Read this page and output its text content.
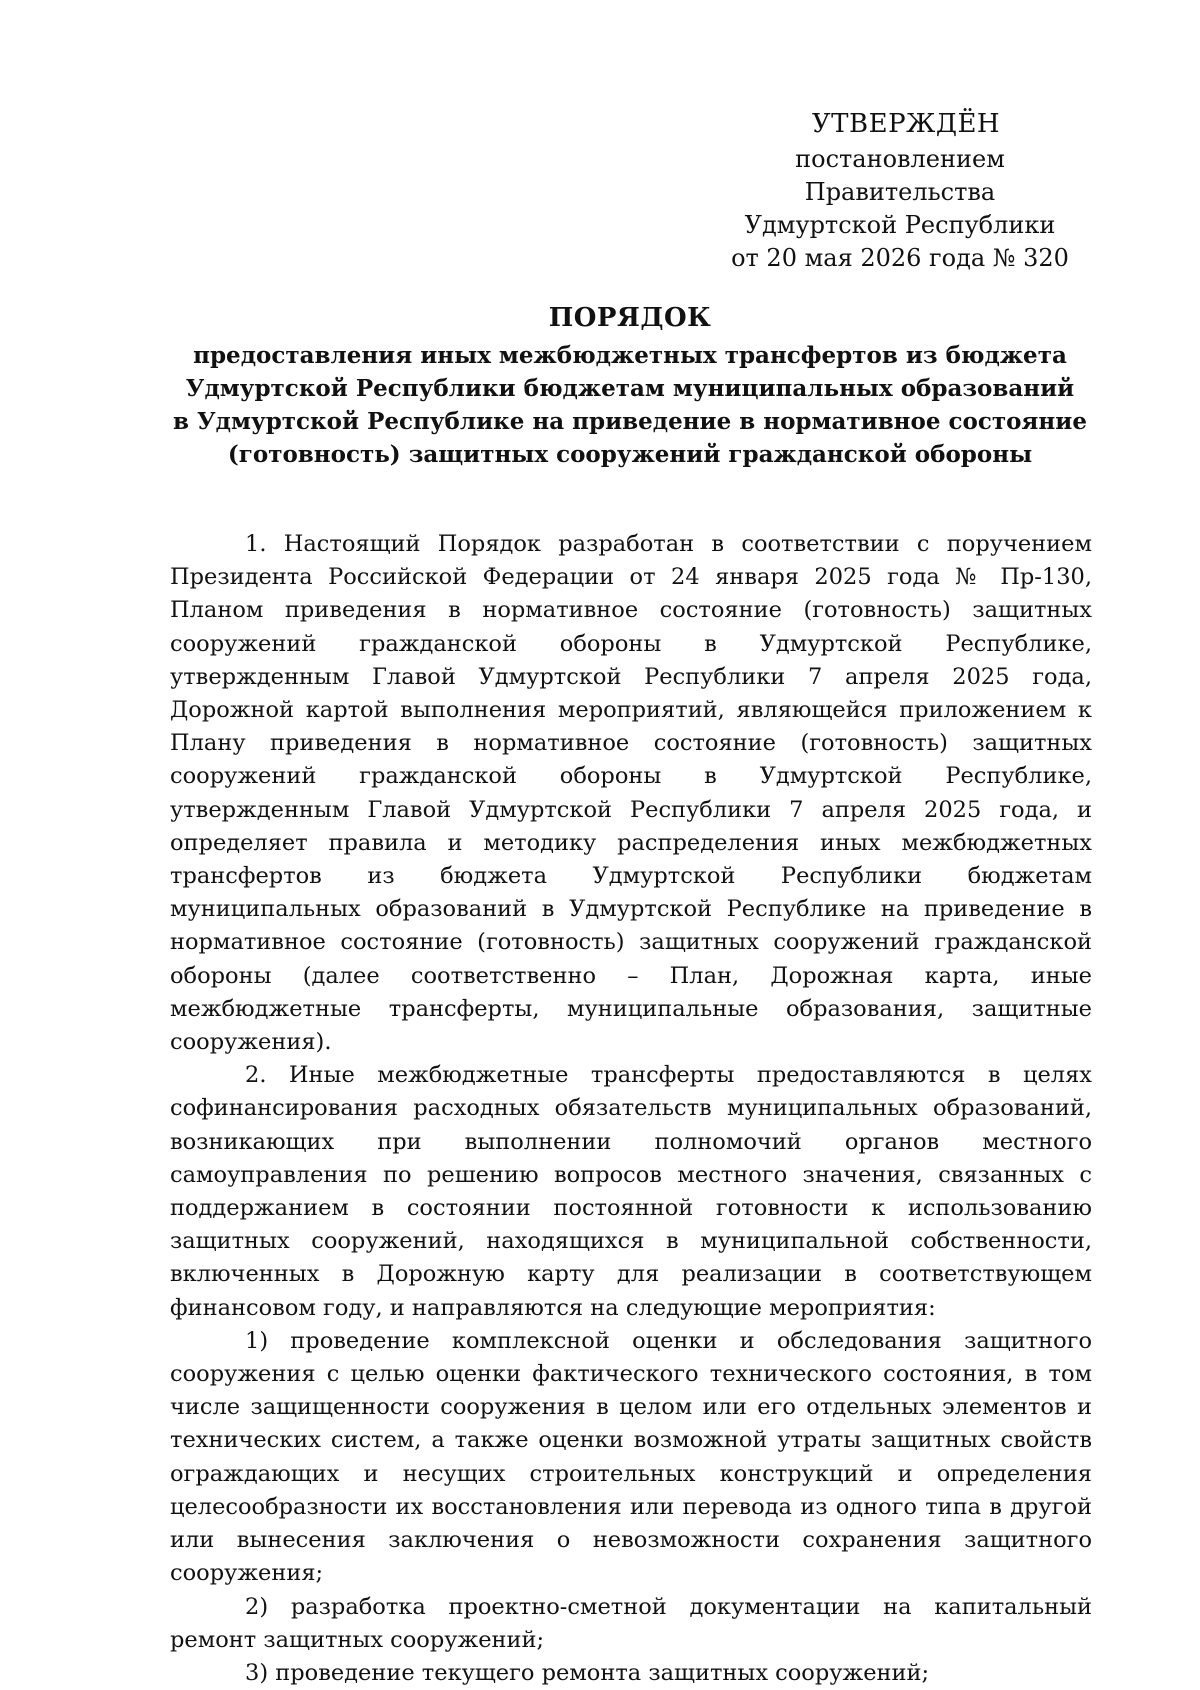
УТВЕРЖДЁН
постановлением Правительства
Удмуртской Республики
от 20 мая 2026 года № 320
ПОРЯДОК
предоставления иных межбюджетных трансфертов из бюджета
Удмуртской Республики бюджетам муниципальных образований
в Удмуртской Республике на приведение в нормативное состояние
(готовность) защитных сооружений гражданской обороны

1. Настоящий Порядок разработан в соответствии с поручением Президента Российской Федерации от 24 января 2025 года № Пр-130, Планом приведения в нормативное состояние (готовность) защитных сооружений гражданской обороны в Удмуртской Республике, утвержденным Главой Удмуртской Республики 7 апреля 2025 года, Дорожной картой выполнения мероприятий, являющейся приложением к Плану приведения в нормативное состояние (готовность) защитных сооружений гражданской обороны в Удмуртской Республике, утвержденным Главой Удмуртской Республики 7 апреля 2025 года, и определяет правила и методику распределения иных межбюджетных трансфертов из бюджета Удмуртской Республики бюджетам муниципальных образований в Удмуртской Республике на приведение в нормативное состояние (готовность) защитных сооружений гражданской обороны (далее соответственно – План, Дорожная карта, иные межбюджетные трансферты, муниципальные образования, защитные сооружения).

2. Иные межбюджетные трансферты предоставляются в целях софинансирования расходных обязательств муниципальных образований, возникающих при выполнении полномочий органов местного самоуправления по решению вопросов местного значения, связанных с поддержанием в состоянии постоянной готовности к использованию защитных сооружений, находящихся в муниципальной собственности, включенных в Дорожную карту для реализации в соответствующем финансовом году, и направляются на следующие мероприятия:

1) проведение комплексной оценки и обследования защитного сооружения с целью оценки фактического технического состояния, в том числе защищенности сооружения в целом или его отдельных элементов и технических систем, а также оценки возможной утраты защитных свойств ограждающих и несущих строительных конструкций и определения целесообразности их восстановления или перевода из одного типа в другой или вынесения заключения о невозможности сохранения защитного сооружения;

2) разработка проектно-сметной документации на капитальный ремонт защитных сооружений;

3) проведение текущего ремонта защитных сооружений;
